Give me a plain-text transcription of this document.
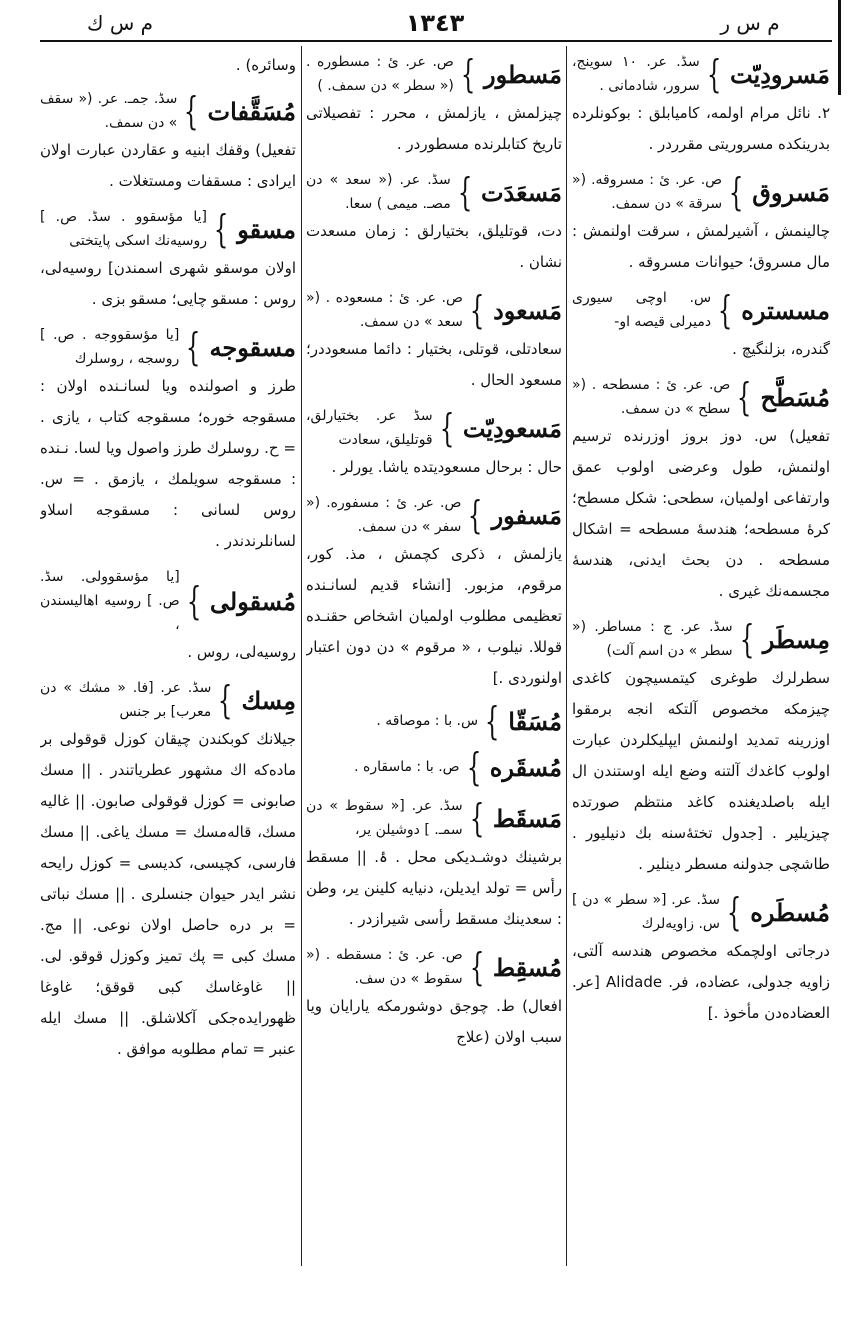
م س ر
١٣٤٣
م س ك
مَسرودِيّت
}
سڈ. عر. ١٠ سوينج، سرور، شادمانی .
٢. نائل مرام اولمه، کامیابلق : بوکونلرده بدرینکده مسروریتی مقرردر .
مَسروق
}
ص. عر. ئ : مسروقه. (« سرقة » دن سمف.
چالینمش ، آشیرلمش ، سرقت اولنمش : مال مسروق؛ حیوانات مسروقه .
مسستره
}
س. اوچی سیوری دمیرلی قیصه او-
گندره، بزلنگیچ .
مُسَطَّح
}
ص. عر. ئ : مسطحه . (« سطح » دن سمف.
تفعیل) س. دوز بروز اوزرنده ترسیم اولنمش، طول وعرضی اولوب عمق وارتفاعی اولمیان، سطحی: شکل مسطح؛ کرهٔ مسطحه؛ هندسهٔ مسطحه = اشکال مسطحه . دن بحث ایدنی، هندسهٔ مجسمه‌نك غیری .
مِسطَر
}
سڈ. عر. ج : مساطر. (« سطر » دن اسم آلت)
سطرلرك طوغری کیتمسیچون کاغدی چیزمکه مخصوص آلتکه انجه برمقوا اوزرینه تمدید اولنمش ایپلیکلردن عبارت اولوب کاغدك آلتنه وضع ایله اوستندن ال ایله باصلدیغنده کاغد منتظم صورتده چیزیلیر . [جدول تختهٔ‌سنه بك دنیلیور . طاشچی جدولنه مسطر دینلیر .
مُسطَره
}
سڈ. عر. [« سطر » دن ] س. زاویه‌لرك
درجاتی اولچمکه مخصوص هندسه آلتی، زاویه جدولی، عضاده، فر. Alidade [عر. العضاده‌دن مأخوذ .]
مَسطور
}
ص. عر. ئ : مسطوره . (« سطر » دن سمف. )
چیزلمش ، یازلمش ، محرر : تفصیلاتی تاریخ کتابلرنده مسطوردر .
مَسعَدَت
}
سڈ. عر. (« سعد » دن مصـ. میمی ) سعا.
دت، قوتلیلق، بختیارلق : زمان مسعدت نشان .
مَسعود
}
ص. عر. ئ : مسعوده . (« سعد » دن سمف.
سعادتلی، قوتلی، بختیار : دائما مسعوددر؛ مسعود الحال .
مَسعودِيّت
}
سڈ عر. بختیارلق، قوتلیلق، سعادت
حال : برحال مسعودیتده یاشا. یورلر .
مَسفور
}
ص. عر. ئ : مسفوره. (« سفر » دن سمف.
یازلمش ، ذکری کچمش ، مذ. کور، مرقوم، مزبور. [انشاء قدیم لسانـنده تعظیمی مطلوب اولمیان اشخاص حقنـده قوللا. نیلوب ، « مرقوم » دن دون اعتبار اولنوردی .]
مُسَقّا
}
س. با : موصاقه .
مُسقَره
}
ص. با : ماسقاره .
مَسقَط
}
سڈ. عر. [« سقوط » دن سمـ. ] دوشیلن یر،
برشینك دوشـدیكی محل . ۂ. || مسقط رأس = تولد ایدیلن، دنیایه کلینن یر، وطن : سعدینك مسقط رأسی شیرازدر .
مُسقِط
}
ص. عر. ئ : مسقطه . (« سقوط » دن سف.
افعال) ط. چوجق دوشورمکه یارایان ویا سبب اولان (علاج
وسائره) .
مُسَقَّفات
}
سڈ. جمـ. عر. (« سقف » دن سمف.
تفعیل) وقفك ابنیه و عقاردن عبارت اولان ایرادی : مسقفات ومستغلات .
مسقو
}
[یا مؤسقوو . سڈ. ص. ] روسیه‌نك اسکی پایتختی
اولان موسقو شهری اسمندن] روسیه‌لی، روس : مسقو چایی؛ مسقو بزی .
مسقوجه
}
[یا مؤسقووجه . ص. ] روسجه ، روسلرك
طرز و اصولنده ویا لسانـنده اولان : مسقوجه خوره؛ مسقوجه کتاب ، یازی . = ح. روسلرك طرز واصول ویا لسا. نـنده : مسقوجه سویلمك ، یازمق . = س. روس لسانی : مسقوجه اسلاو لسانلرندندر .
مُسقولی
}
[یا مؤسقوولی. سڈ. ص. ] روسیه اهالیسندن ،
روسیه‌لی، روس .
مِسك
}
سڈ. عر. [فا. « مشك » دن معرب] بر جنس
جیلانك کوبکندن چیقان کوزل قوقولی بر ماده‌که اك مشهور عطریاتندر . || مسك صابونی = کوزل قوقولی صابون. || غالیه مسك، قاله‌مسك = مسك یاغی. || مسك فارسی، کچیسی، کدیسی = کوزل رایحه نشر ایدر حیوان جنسلری . || مسك نباتی = بر دره حاصل اولان نوعی. || مج. مسك کبی = پك تمیز وکوزل قوقو. لی. || غاوغاسك کبی قوقق؛ غاوغا ظهورایده‌جکی آکلاشلق. || مسك ایله عنبر = تمام مطلوبه موافق .
